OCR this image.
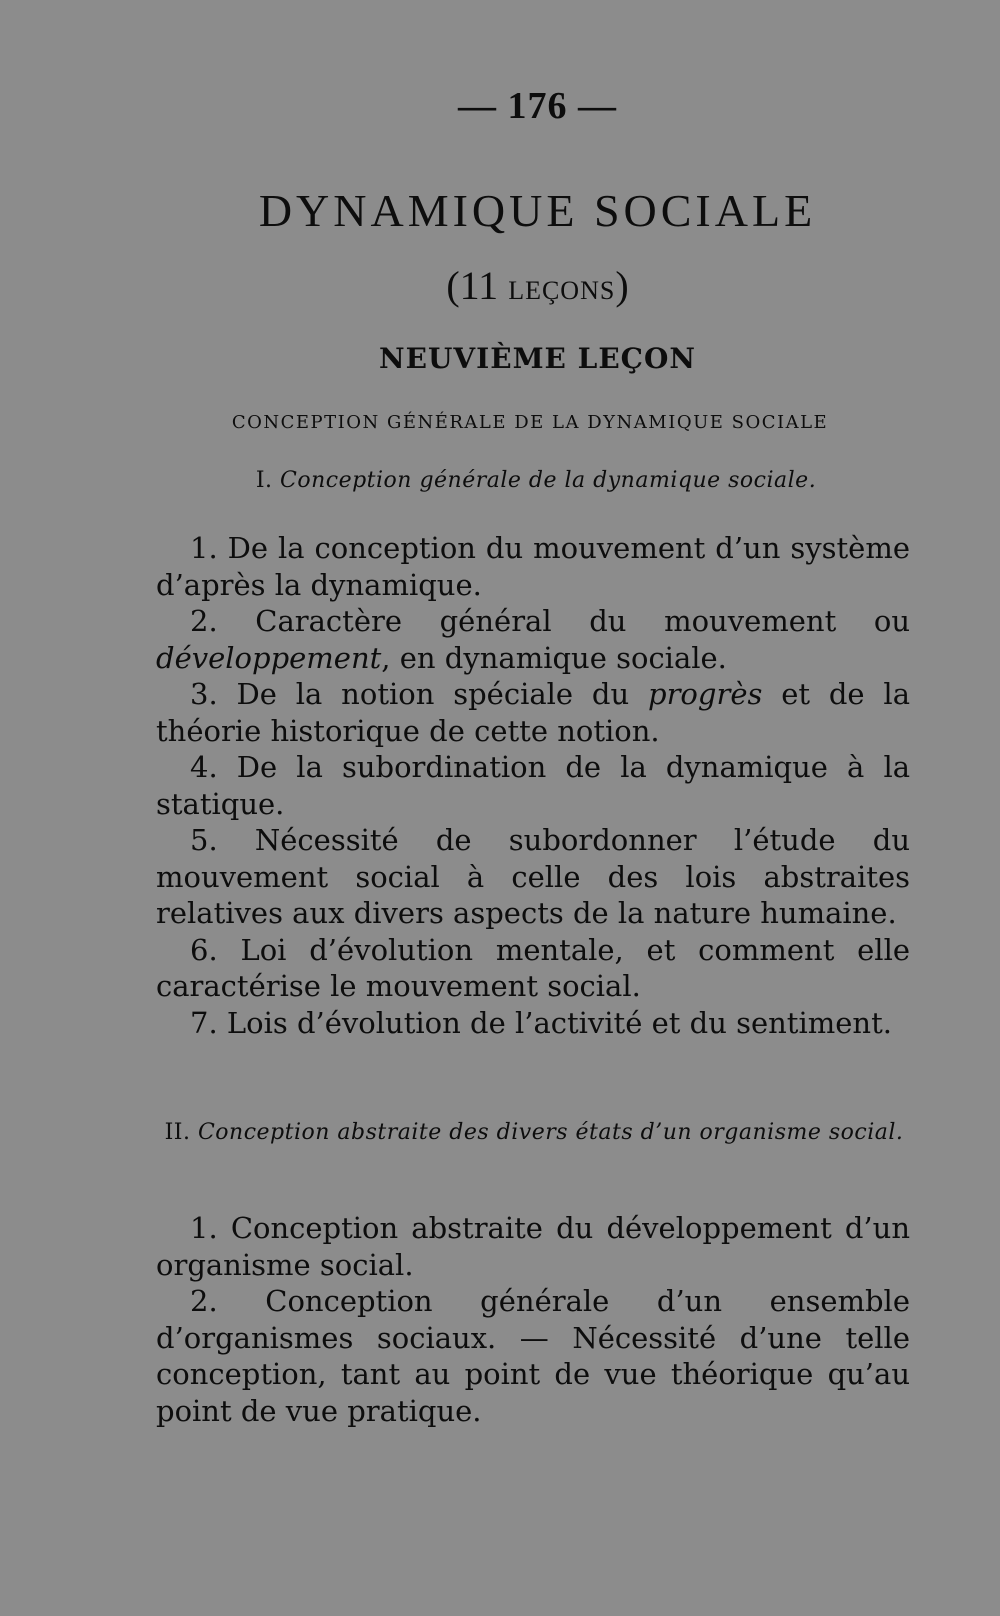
— 176 —
DYNAMIQUE SOCIALE
(11 LEÇONS)
NEUVIÈME LEÇON
CONCEPTION GÉNÉRALE DE LA DYNAMIQUE SOCIALE
I. Conception générale de la dynamique sociale.

1. De la conception du mouvement d’un système d’après la dynamique.

2. Caractère général du mouvement ou développement, en dynamique sociale.

3. De la notion spéciale du progrès et de la théorie historique de cette notion.

4. De la subordination de la dynamique à la statique.

5. Nécessité de subordonner l’étude du mouvement social à celle des lois abstraites relatives aux divers aspects de la nature humaine.

6. Loi d’évolution mentale, et comment elle caractérise le mouvement social.

7. Lois d’évolution de l’activité et du sentiment.

II. Conception abstraite des divers états d’un organisme social.

1. Conception abstraite du développement d’un organisme social.

2. Conception générale d’un ensemble d’organismes sociaux. — Nécessité d’une telle conception, tant au point de vue théorique qu’au point de vue pratique.
